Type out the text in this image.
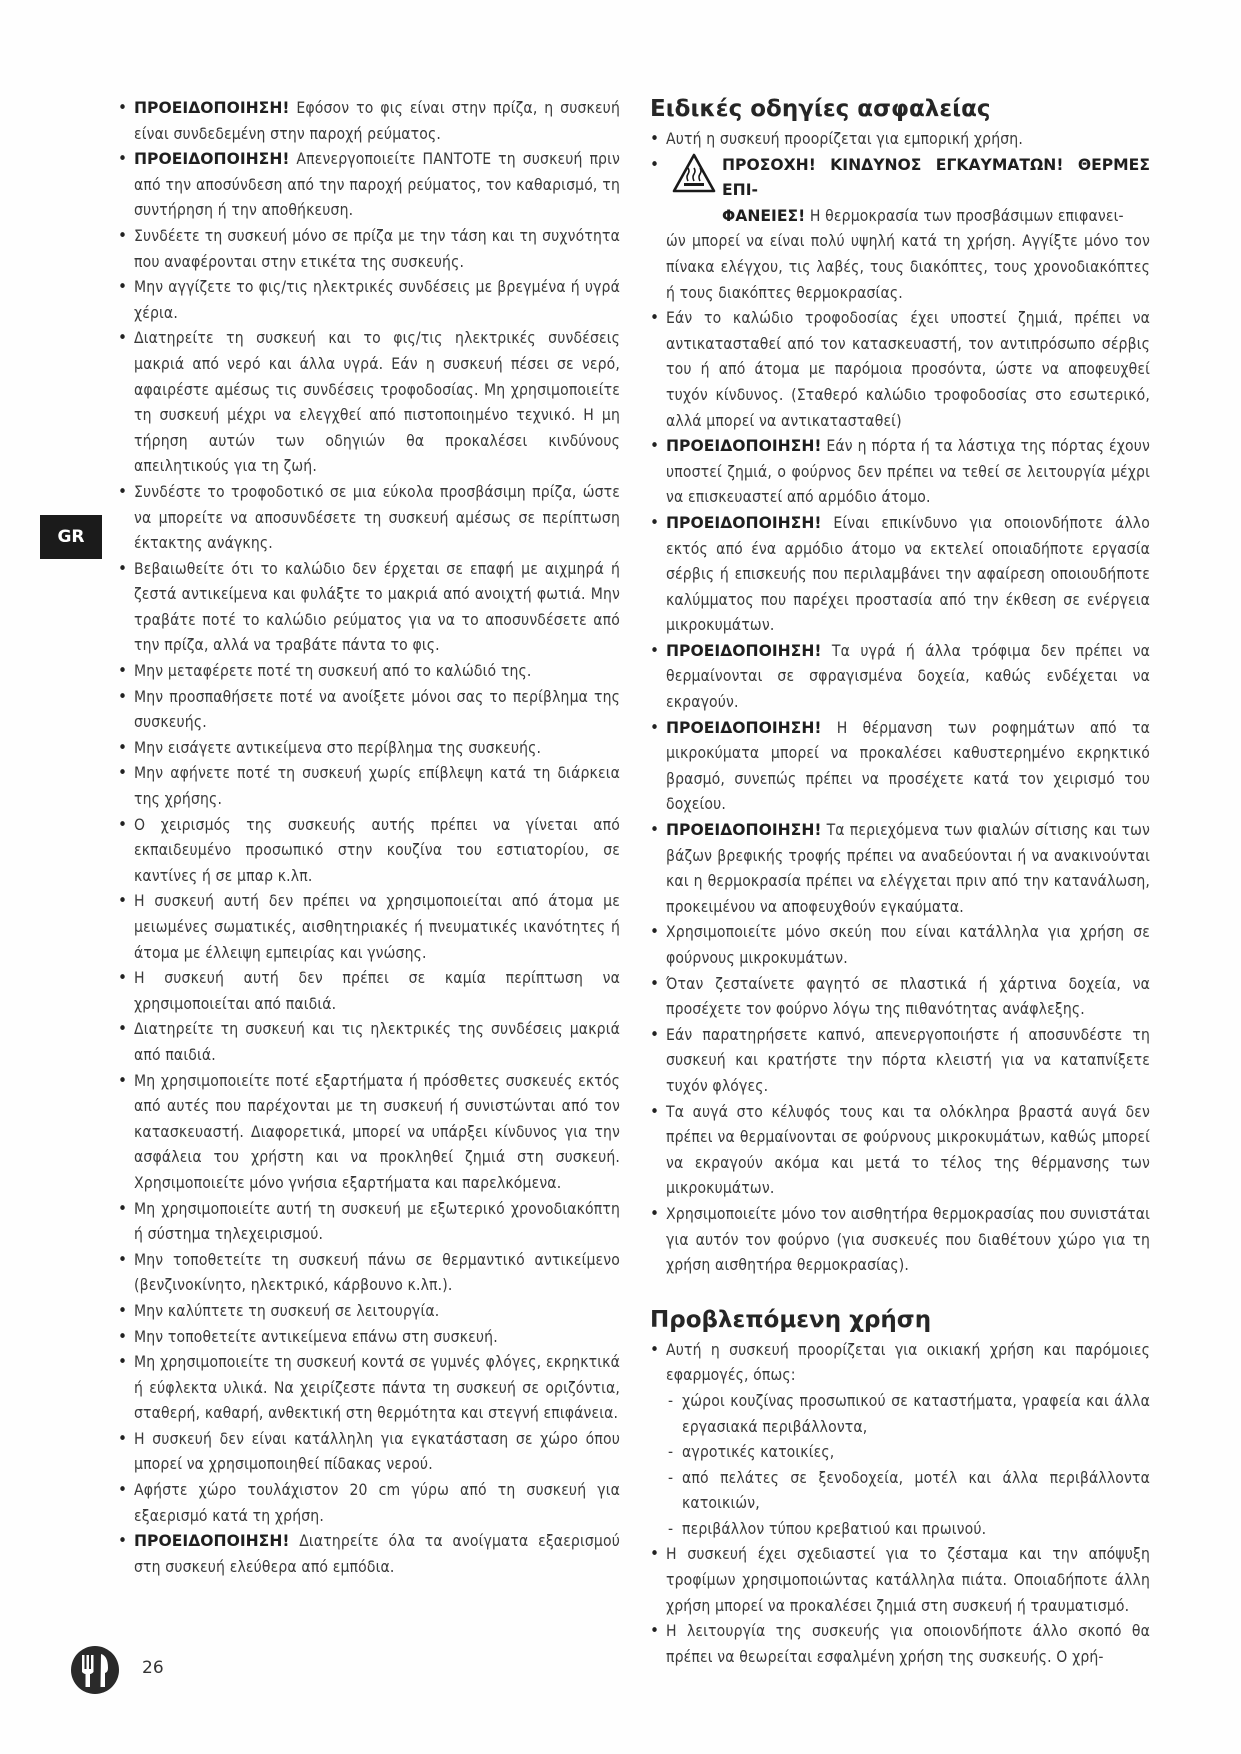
GR
• ΠΡΟΕΙΔΟΠΟΙΗΣΗ! Εφόσον το φις είναι στην πρίζα, η συσκευή είναι συνδεδεμένη στην παροχή ρεύματος.
• ΠΡΟΕΙΔΟΠΟΙΗΣΗ! Απενεργοποιείτε ΠΑΝΤΟΤΕ τη συσκευή πριν από την αποσύνδεση από την παροχή ρεύματος, τον καθαρισμό, τη συντήρηση ή την αποθήκευση.
• Συνδέετε τη συσκευή μόνο σε πρίζα με την τάση και τη συχνότητα που αναφέρονται στην ετικέτα της συσκευής.
• Μην αγγίζετε το φις/τις ηλεκτρικές συνδέσεις με βρεγμένα ή υγρά χέρια.
• Διατηρείτε τη συσκευή και το φις/τις ηλεκτρικές συνδέσεις μακριά από νερό και άλλα υγρά. Εάν η συσκευή πέσει σε νερό, αφαιρέστε αμέσως τις συνδέσεις τροφοδοσίας. Μη χρησιμοποιείτε τη συσκευή μέχρι να ελεγχθεί από πιστοποιημένο τεχνικό. Η μη τήρηση αυτών των οδηγιών θα προκαλέσει κινδύνους απειλητικούς για τη ζωή.
• Συνδέστε το τροφοδοτικό σε μια εύκολα προσβάσιμη πρίζα, ώστε να μπορείτε να αποσυνδέσετε τη συσκευή αμέσως σε περίπτωση έκτακτης ανάγκης.
• Βεβαιωθείτε ότι το καλώδιο δεν έρχεται σε επαφή με αιχμηρά ή ζεστά αντικείμενα και φυλάξτε το μακριά από ανοιχτή φωτιά. Μην τραβάτε ποτέ το καλώδιο ρεύματος για να το αποσυνδέσετε από την πρίζα, αλλά να τραβάτε πάντα το φις.
• Μην μεταφέρετε ποτέ τη συσκευή από το καλώδιό της.
• Μην προσπαθήσετε ποτέ να ανοίξετε μόνοι σας το περίβλημα της συσκευής.
• Μην εισάγετε αντικείμενα στο περίβλημα της συσκευής.
• Μην αφήνετε ποτέ τη συσκευή χωρίς επίβλεψη κατά τη διάρκεια της χρήσης.
• Ο χειρισμός της συσκευής αυτής πρέπει να γίνεται από εκπαιδευμένο προσωπικό στην κουζίνα του εστιατορίου, σε καντίνες ή σε μπαρ κ.λπ.
• Η συσκευή αυτή δεν πρέπει να χρησιμοποιείται από άτομα με μειωμένες σωματικές, αισθητηριακές ή πνευματικές ικανότητες ή άτομα με έλλειψη εμπειρίας και γνώσης.
• Η συσκευή αυτή δεν πρέπει σε καμία περίπτωση να χρησιμοποιείται από παιδιά.
• Διατηρείτε τη συσκευή και τις ηλεκτρικές της συνδέσεις μακριά από παιδιά.
• Μη χρησιμοποιείτε ποτέ εξαρτήματα ή πρόσθετες συσκευές εκτός από αυτές που παρέχονται με τη συσκευή ή συνιστώνται από τον κατασκευαστή. Διαφορετικά, μπορεί να υπάρξει κίνδυνος για την ασφάλεια του χρήστη και να προκληθεί ζημιά στη συσκευή. Χρησιμοποιείτε μόνο γνήσια εξαρτήματα και παρελκόμενα.
• Μη χρησιμοποιείτε αυτή τη συσκευή με εξωτερικό χρονοδιακόπτη ή σύστημα τηλεχειρισμού.
• Μην τοποθετείτε τη συσκευή πάνω σε θερμαντικό αντικείμενο (βενζινοκίνητο, ηλεκτρικό, κάρβουνο κ.λπ.).
• Μην καλύπτετε τη συσκευή σε λειτουργία.
• Μην τοποθετείτε αντικείμενα επάνω στη συσκευή.
• Μη χρησιμοποιείτε τη συσκευή κοντά σε γυμνές φλόγες, εκρηκτικά ή εύφλεκτα υλικά. Να χειρίζεστε πάντα τη συσκευή σε οριζόντια, σταθερή, καθαρή, ανθεκτική στη θερμότητα και στεγνή επιφάνεια.
• Η συσκευή δεν είναι κατάλληλη για εγκατάσταση σε χώρο όπου μπορεί να χρησιμοποιηθεί πίδακας νερού.
• Αφήστε χώρο τουλάχιστον 20 cm γύρω από τη συσκευή για εξαερισμό κατά τη χρήση.
• ΠΡΟΕΙΔΟΠΟΙΗΣΗ! Διατηρείτε όλα τα ανοίγματα εξαερισμού στη συσκευή ελεύθερα από εμπόδια.
Ειδικές οδηγίες ασφαλείας
• Αυτή η συσκευή προορίζεται για εμπορική χρήση.
• ΠΡΟΣΟΧΗ! ΚΙΝΔΥΝΟΣ ΕΓΚΑΥΜΑΤΩΝ! ΘΕΡΜΕΣ ΕΠΙ-
ΦΑΝΕΙΕΣ! Η θερμοκρασία των προσβάσιμων επιφανει-
ών μπορεί να είναι πολύ υψηλή κατά τη χρήση. Αγγίξτε μόνο τον πίνακα ελέγχου, τις λαβές, τους διακόπτες, τους χρονοδιακόπτες ή τους διακόπτες θερμοκρασίας.
• Εάν το καλώδιο τροφοδοσίας έχει υποστεί ζημιά, πρέπει να αντικατασταθεί από τον κατασκευαστή, τον αντιπρόσωπο σέρβις του ή από άτομα με παρόμοια προσόντα, ώστε να αποφευχθεί τυχόν κίνδυνος. (Σταθερό καλώδιο τροφοδοσίας στο εσωτερικό, αλλά μπορεί να αντικατασταθεί)
• ΠΡΟΕΙΔΟΠΟΙΗΣΗ! Εάν η πόρτα ή τα λάστιχα της πόρτας έχουν υποστεί ζημιά, ο φούρνος δεν πρέπει να τεθεί σε λειτουργία μέχρι να επισκευαστεί από αρμόδιο άτομο.
• ΠΡΟΕΙΔΟΠΟΙΗΣΗ! Είναι επικίνδυνο για οποιονδήποτε άλλο εκτός από ένα αρμόδιο άτομο να εκτελεί οποιαδήποτε εργασία σέρβις ή επισκευής που περιλαμβάνει την αφαίρεση οποιουδήποτε καλύμματος που παρέχει προστασία από την έκθεση σε ενέργεια μικροκυμάτων.
• ΠΡΟΕΙΔΟΠΟΙΗΣΗ! Τα υγρά ή άλλα τρόφιμα δεν πρέπει να θερμαίνονται σε σφραγισμένα δοχεία, καθώς ενδέχεται να εκραγούν.
• ΠΡΟΕΙΔΟΠΟΙΗΣΗ! Η θέρμανση των ροφημάτων από τα μικροκύματα μπορεί να προκαλέσει καθυστερημένο εκρηκτικό βρασμό, συνεπώς πρέπει να προσέχετε κατά τον χειρισμό του δοχείου.
• ΠΡΟΕΙΔΟΠΟΙΗΣΗ! Τα περιεχόμενα των φιαλών σίτισης και των βάζων βρεφικής τροφής πρέπει να αναδεύονται ή να ανακινούνται και η θερμοκρασία πρέπει να ελέγχεται πριν από την κατανάλωση, προκειμένου να αποφευχθούν εγκαύματα.
• Χρησιμοποιείτε μόνο σκεύη που είναι κατάλληλα για χρήση σε φούρνους μικροκυμάτων.
• Όταν ζεσταίνετε φαγητό σε πλαστικά ή χάρτινα δοχεία, να προσέχετε τον φούρνο λόγω της πιθανότητας ανάφλεξης.
• Εάν παρατηρήσετε καπνό, απενεργοποιήστε ή αποσυνδέστε τη συσκευή και κρατήστε την πόρτα κλειστή για να καταπνίξετε τυχόν φλόγες.
• Τα αυγά στο κέλυφός τους και τα ολόκληρα βραστά αυγά δεν πρέπει να θερμαίνονται σε φούρνους μικροκυμάτων, καθώς μπορεί να εκραγούν ακόμα και μετά το τέλος της θέρμανσης των μικροκυμάτων.
• Χρησιμοποιείτε μόνο τον αισθητήρα θερμοκρασίας που συνιστάται για αυτόν τον φούρνο (για συσκευές που διαθέτουν χώρο για τη χρήση αισθητήρα θερμοκρασίας).
Προβλεπόμενη χρήση
• Αυτή η συσκευή προορίζεται για οικιακή χρήση και παρόμοιες εφαρμογές, όπως:
- χώροι κουζίνας προσωπικού σε καταστήματα, γραφεία και άλλα εργασιακά περιβάλλοντα,
- αγροτικές κατοικίες,
- από πελάτες σε ξενοδοχεία, μοτέλ και άλλα περιβάλλοντα κατοικιών,
- περιβάλλον τύπου κρεβατιού και πρωινού.
• Η συσκευή έχει σχεδιαστεί για το ζέσταμα και την απόψυξη τροφίμων χρησιμοποιώντας κατάλληλα πιάτα. Οποιαδήποτε άλλη χρήση μπορεί να προκαλέσει ζημιά στη συσκευή ή τραυματισμό.
• Η λειτουργία της συσκευής για οποιονδήποτε άλλο σκοπό θα πρέπει να θεωρείται εσφαλμένη χρήση της συσκευής. Ο χρή-
26
